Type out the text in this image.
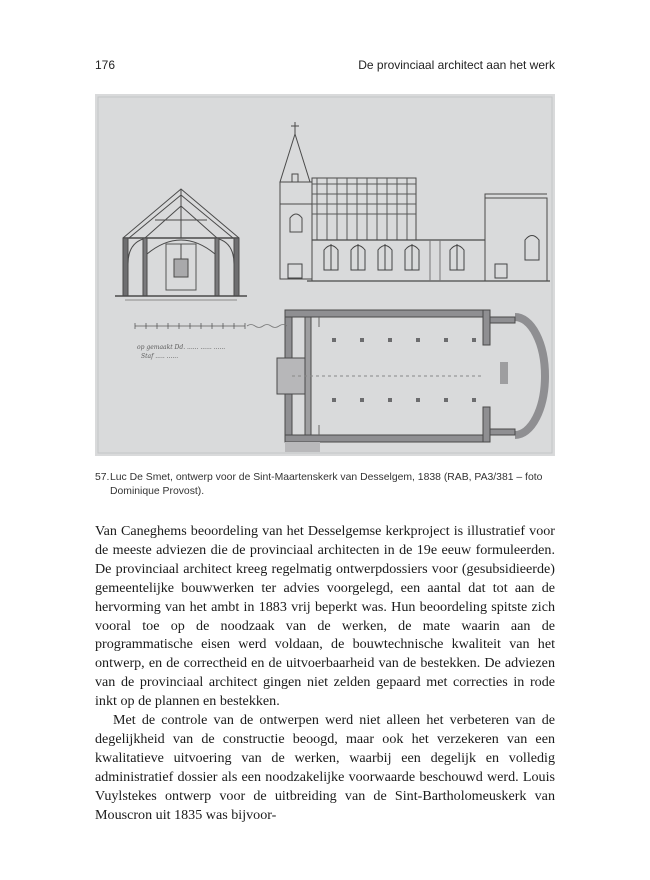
176	De provinciaal architect aan het werk
op gemaakt Dd. ...... ...... ......
Staf ..... ......
57. Luc De Smet, ontwerp voor de Sint-Maartenskerk van Desselgem, 1838 (RAB, PA3/381 – foto Dominique Provost).

Van Caneghems beoordeling van het Desselgemse kerkproject is illustratief voor de meeste adviezen die de provinciaal architecten in de 19e eeuw formuleerden. De provinciaal architect kreeg regelmatig ontwerpdossiers voor (gesubsidieerde) gemeentelijke bouwwerken ter advies voorgelegd, een aantal dat tot aan de hervorming van het ambt in 1883 vrij beperkt was. Hun beoordeling spitste zich vooral toe op de noodzaak van de werken, de mate waarin aan de programmatische eisen werd voldaan, de bouwtechnische kwaliteit van het ontwerp, en de correctheid en de uitvoerbaarheid van de bestekken. De adviezen van de provinciaal architect gingen niet zelden gepaard met correcties in rode inkt op de plannen en bestekken.

Met de controle van de ontwerpen werd niet alleen het verbeteren van de degelijkheid van de constructie beoogd, maar ook het verzekeren van een kwalitatieve uitvoering van de werken, waarbij een degelijk en volledig administratief dossier als een noodzakelijke voorwaarde beschouwd werd. Louis Vuylstekes ontwerp voor de uitbreiding van de Sint-Bartholomeuskerk van Mouscron uit 1835 was bijvoor-
